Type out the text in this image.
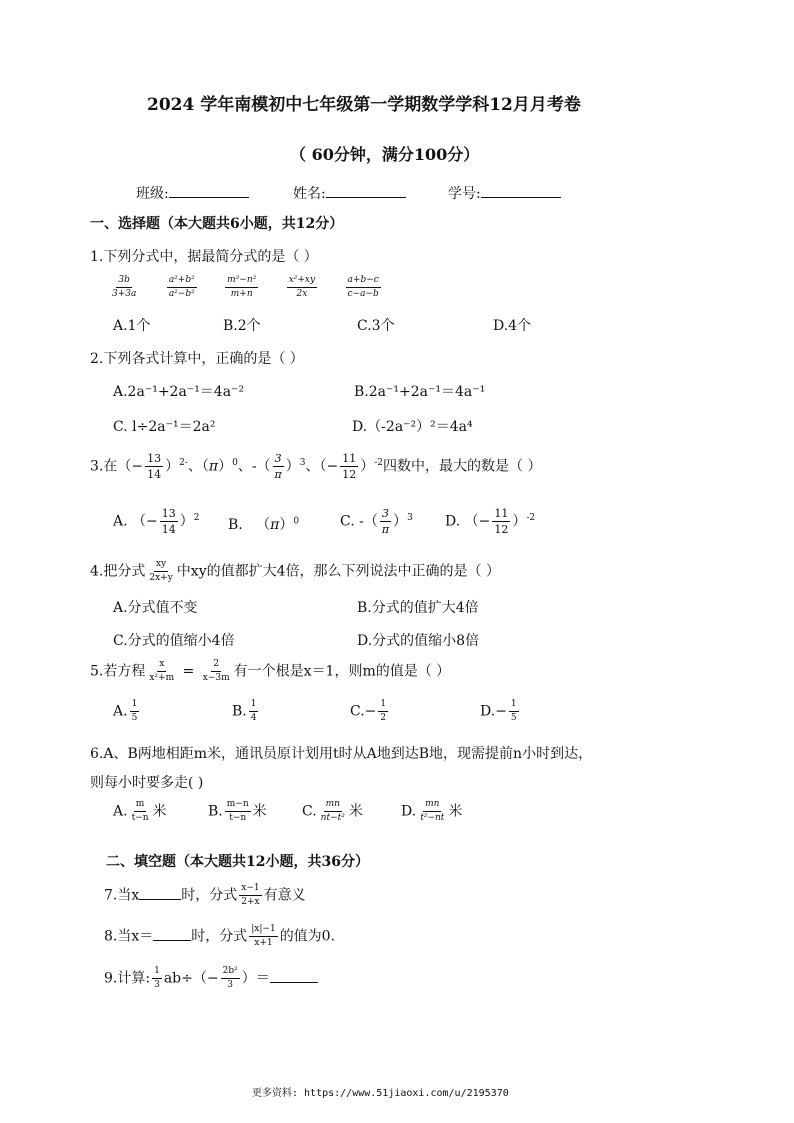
2024 学年南模初中七年级第一学期数学学科12月月考卷
（ 60分钟，满分100分）
班级:	姓名:	学号:
一、选择题（本大题共6小题，共12分）
1.下列分式中，据最简分式的是（ ）
$\frac{3b}{3+3a}$
	$\frac{\text{a²+b²}}{\text{a²−b²}}$
	$\frac{\text{m²−n²}}{m+n}$
	$\frac{\text{x²+xy}}{2x}$
	$\frac{a+b-c}{c-a-b}$
A.1个	B.2个	C.3个	D.4个
2.下列各式计算中，正确的是（ ）
A.2a⁻¹+2a⁻¹＝4a⁻²	B.2a⁻¹+2a⁻¹＝4a⁻¹
C. l÷2a⁻¹＝2a²	D.（-2a⁻²）²＝4a⁴
3.在（− $\frac{13}{14} )^{2-}$、$(\pi)^0$、-（ $\frac{3}{\pi} )^3$、（− $\frac{11}{12} )^{-2}$四数中，最大的数是（ ）
A. （− $\frac{13}{14} )^2$ B.   $(\pi)^0$	C. -（ $\frac{3}{\pi} )^3$ D. （− $\frac{11}{12} )^{-2}$
4.把分式 $\frac{xy}{2x+y}$ 中xy的值都扩大4倍，那么下列说法中正确的是（ ）
A.分式值不变	B.分式的值扩大4倍
C.分式的值缩小4倍	D.分式的值缩小8倍
5.若方程 $\frac{x}{\text{x²+m}} = \frac{2}{x-3m}$ 有一个根是x＝1，则m的值是（ ）
A. $\frac{1}{5}$	B. $\frac{1}{4}$	$C.- \frac{1}{2}$	$D.- \frac{1}{5}$
6.A、B两地相距m米，通讯员原计划用t时从A地到达B地，现需提前n小时到达，
则每小时要多走( )
A. $\frac{m}{t-n}$ 米	B. $\frac{m-n}{t-n}$ 米	C. $\frac{mn}{\text{nt−t²}}$ 米	D. $\frac{mn}{\text{t²−nt}}$ 米
二、填空题（本大题共12小题，共36分）
7.当x	时，分式 $\frac{x-1}{2+x}$ 有意义
8.当x＝	时，分式 $\frac{|x|-1}{x+1}$ 的值为0.
9.计算: $\frac{1}{3} ab\div(- \frac{\text{2b²}}{3}$ ）＝
更多资料: https://www.51jiaoxi.com/u/2195370
